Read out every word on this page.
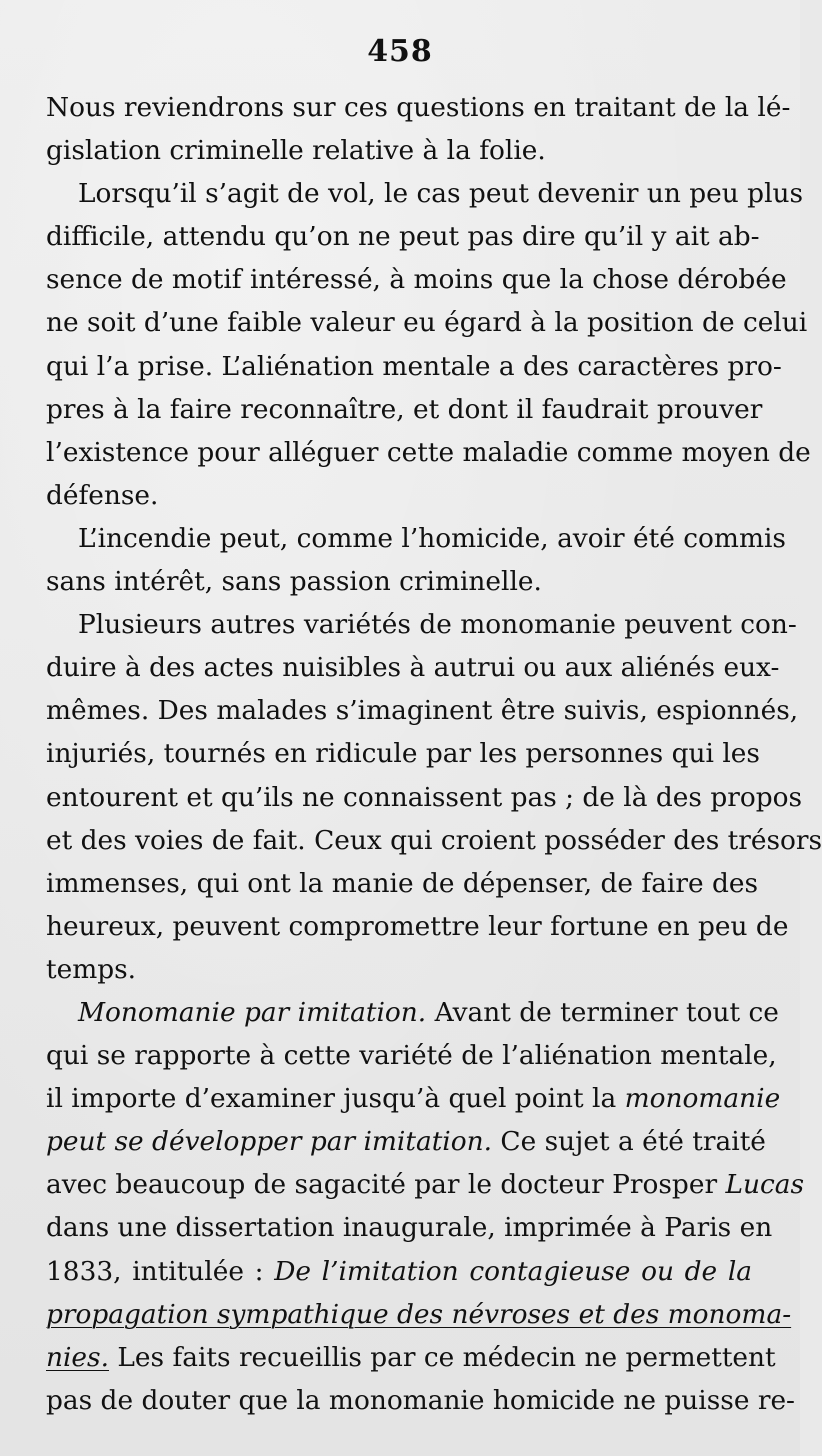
458
Nous reviendrons sur ces questions en traitant de la lé-
gislation criminelle relative à la folie.
Lorsqu’il s’agit de vol, le cas peut devenir un peu plus
difficile, attendu qu’on ne peut pas dire qu’il y ait ab-
sence de motif intéressé, à moins que la chose dérobée
ne soit d’une faible valeur eu égard à la position de celui
qui l’a prise. L’aliénation mentale a des caractères pro-
pres à la faire reconnaître, et dont il faudrait prouver
l’existence pour alléguer cette maladie comme moyen de
défense.
L’incendie peut, comme l’homicide, avoir été commis
sans intérêt, sans passion criminelle.
Plusieurs autres variétés de monomanie peuvent con-
duire à des actes nuisibles à autrui ou aux aliénés eux-
mêmes. Des malades s’imaginent être suivis, espionnés,
injuriés, tournés en ridicule par les personnes qui les
entourent et qu’ils ne connaissent pas ; de là des propos
et des voies de fait. Ceux qui croient posséder des trésors
immenses, qui ont la manie de dépenser, de faire des
heureux, peuvent compromettre leur fortune en peu de
temps.
Monomanie par imitation. Avant de terminer tout ce
qui se rapporte à cette variété de l’aliénation mentale,
il importe d’examiner jusqu’à quel point la monomanie
peut se développer par imitation. Ce sujet a été traité
avec beaucoup de sagacité par le docteur Prosper Lucas
dans une dissertation inaugurale, imprimée à Paris en
1833, intitulée : De l’imitation contagieuse ou de la
propagation sympathique des névroses et des monoma-
nies. Les faits recueillis par ce médecin ne permettent
pas de douter que la monomanie homicide ne puisse re-
